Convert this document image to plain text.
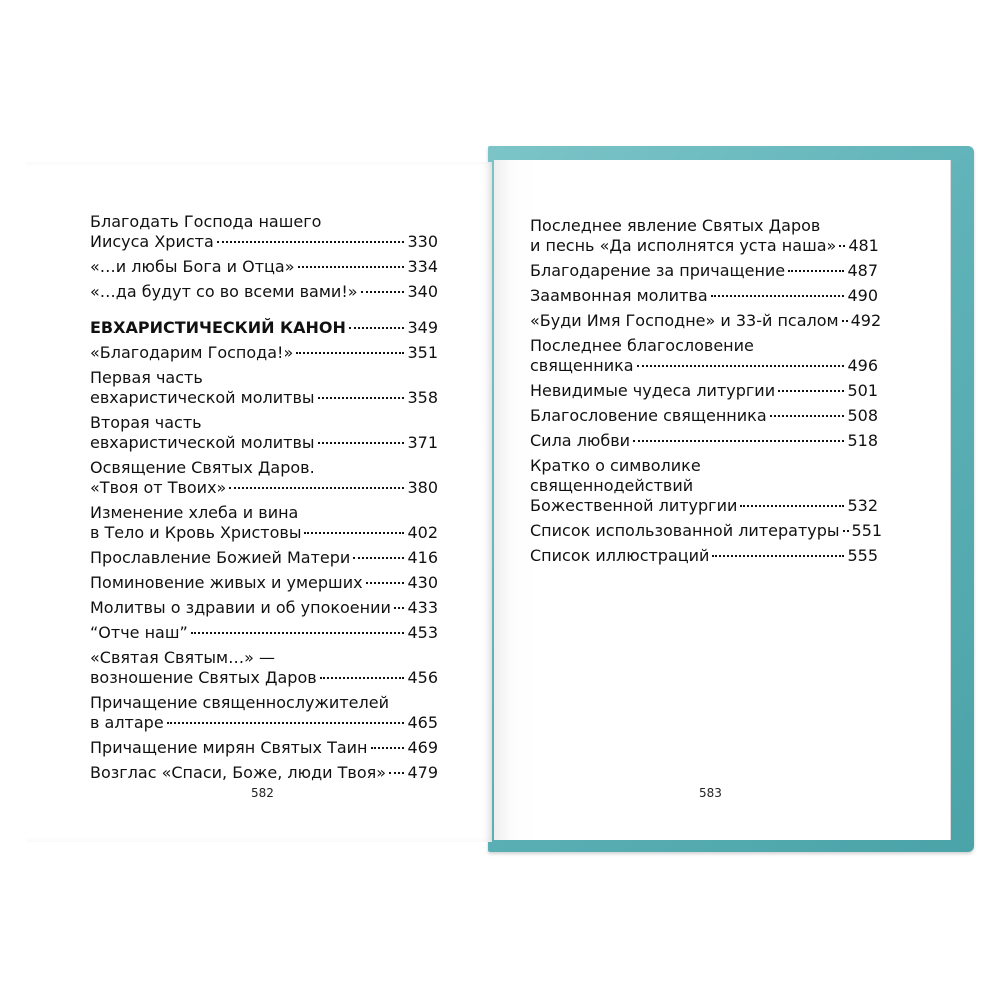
Благодать Господа нашего
Иисуса Христа	330
«…и любы Бога и Отца»	334
«…да будут со во всеми вами!»	340
ЕВХАРИСТИЧЕСКИЙ КАНОН	349
«Благодарим Господа!»	351
Первая часть
евхаристической молитвы	358
Вторая часть
евхаристической молитвы	371
Освящение Святых Даров.
«Твоя от Твоих»	380
Изменение хлеба и вина
в Тело и Кровь Христовы	402
Прославление Божией Матери	416
Поминовение живых и умерших	430
Молитвы о здравии и об упокоении 433
“Отче наш”	453
«Святая Святым…» —
возношение Святых Даров	456
Причащение священнослужителей
в алтаре	465
Причащение мирян Святых Таин 469
Возглас «Спаси, Боже, люди Твоя» 479
Последнее явление Святых Даров
и песнь «Да исполнятся уста наша» 481
Благодарение за причащение	487
Заамвонная молитва	490
«Буди Имя Господне» и 33-й псалом 492
Последнее благословение
священника	496
Невидимые чудеса литургии	501
Благословение священника	508
Сила любви	518
Кратко о символике
священнодействий
Божественной литургии	532
Список использованной литературы 551
Список иллюстраций	555
582	583
